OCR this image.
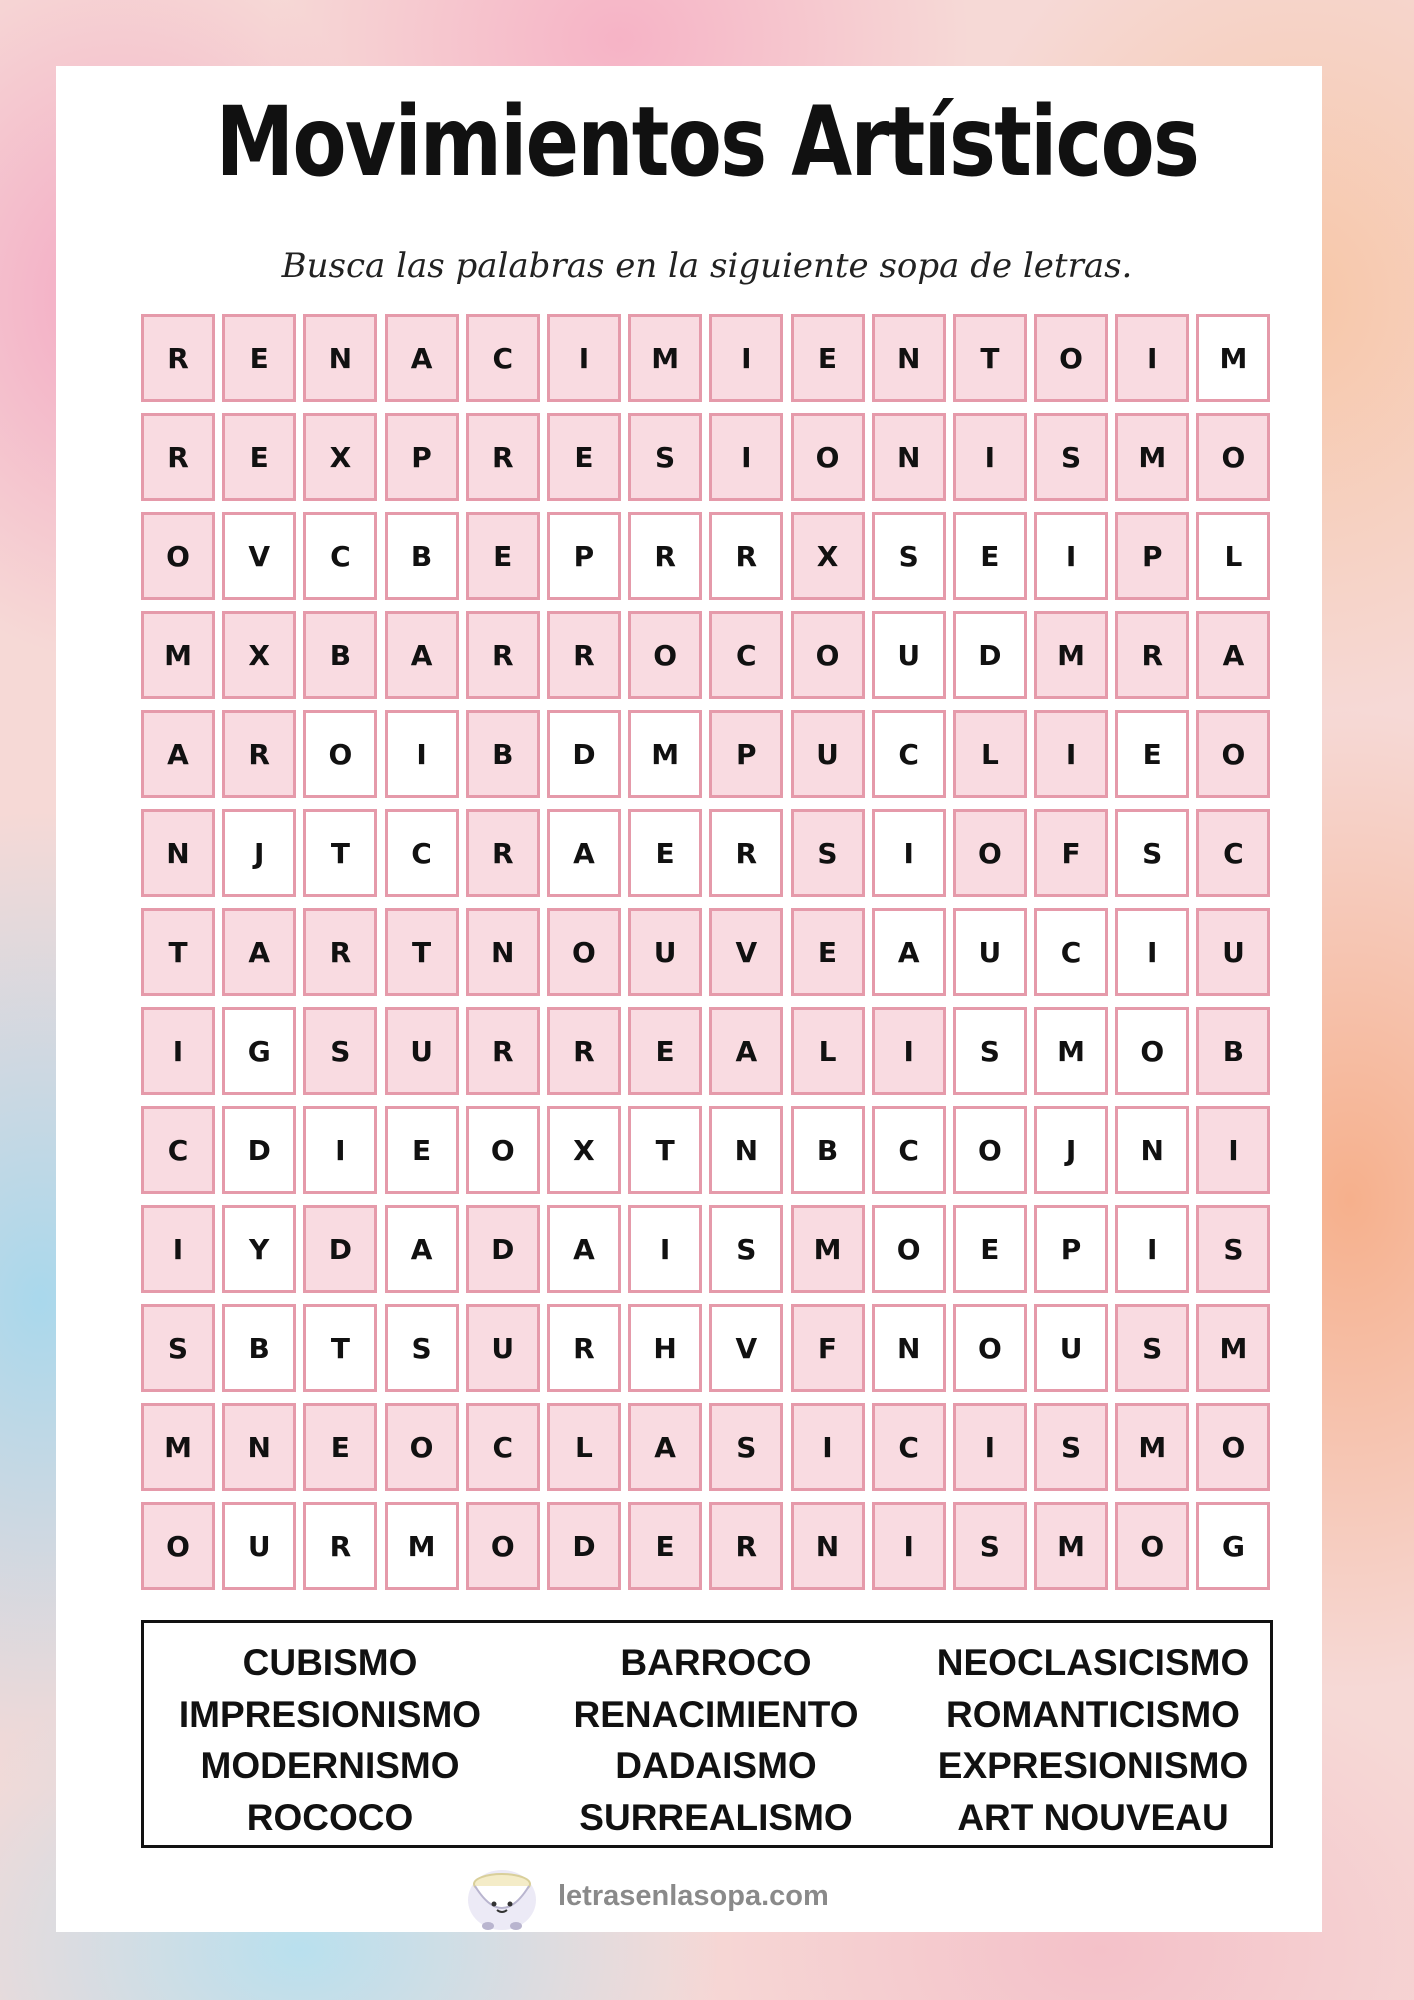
Movimientos Artísticos

Busca las palabras en la siguiente sopa de letras.

R	E	N	A	C	I	M	I	E	N	T	O	I	M
R	E	X	P	R	E	S	I	O	N	I	S	M	O
O	V	C	B	E	P	R	R	X	S	E	I	P	L
M	X	B	A	R	R	O	C	O	U	D	M	R	A
A	R	O	I	B	D	M	P	U	C	L	I	E	O
N	J	T	C	R	A	E	R	S	I	O	F	S	C
T	A	R	T	N	O	U	V	E	A	U	C	I	U
I	G	S	U	R	R	E	A	L	I	S	M	O	B
C	D	I	E	O	X	T	N	B	C	O	J	N	I
I	Y	D	A	D	A	I	S	M	O	E	P	I	S
S	B	T	S	U	R	H	V	F	N	O	U	S	M
M	N	E	O	C	L	A	S	I	C	I	S	M	O
O	U	R	M	O	D	E	R	N	I	S	M	O	G
CUBISMO
IMPRESIONISMO
MODERNISMO
ROCOCO
BARROCO
RENACIMIENTO
DADAISMO
SURREALISMO
NEOCLASICISMO
ROMANTICISMO
EXPRESIONISMO
ART NOUVEAU
letrasenlasopa.com
